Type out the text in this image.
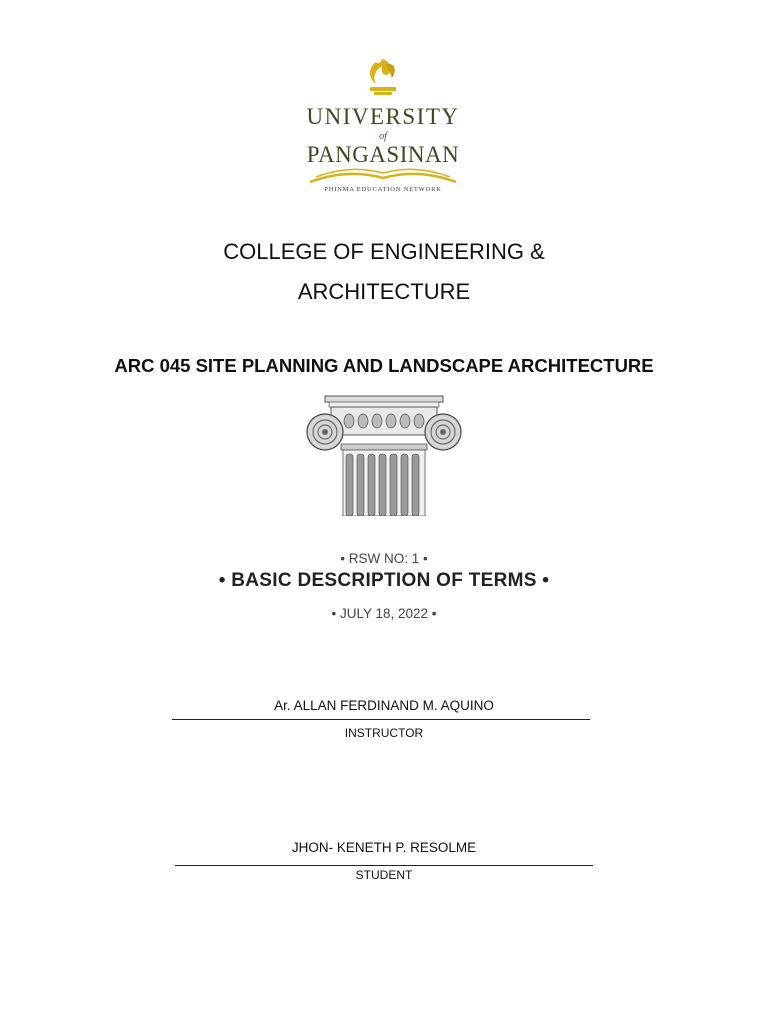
UNIVERSITY
of
PANGASINAN
PHINMA EDUCATION NETWORK
COLLEGE OF ENGINEERING &
ARCHITECTURE
ARC 045 SITE PLANNING AND LANDSCAPE ARCHITECTURE
• RSW NO: 1 •
• BASIC DESCRIPTION OF TERMS •
• JULY 18, 2022 •
Ar. ALLAN FERDINAND M. AQUINO
INSTRUCTOR
JHON- KENETH P. RESOLME
STUDENT
